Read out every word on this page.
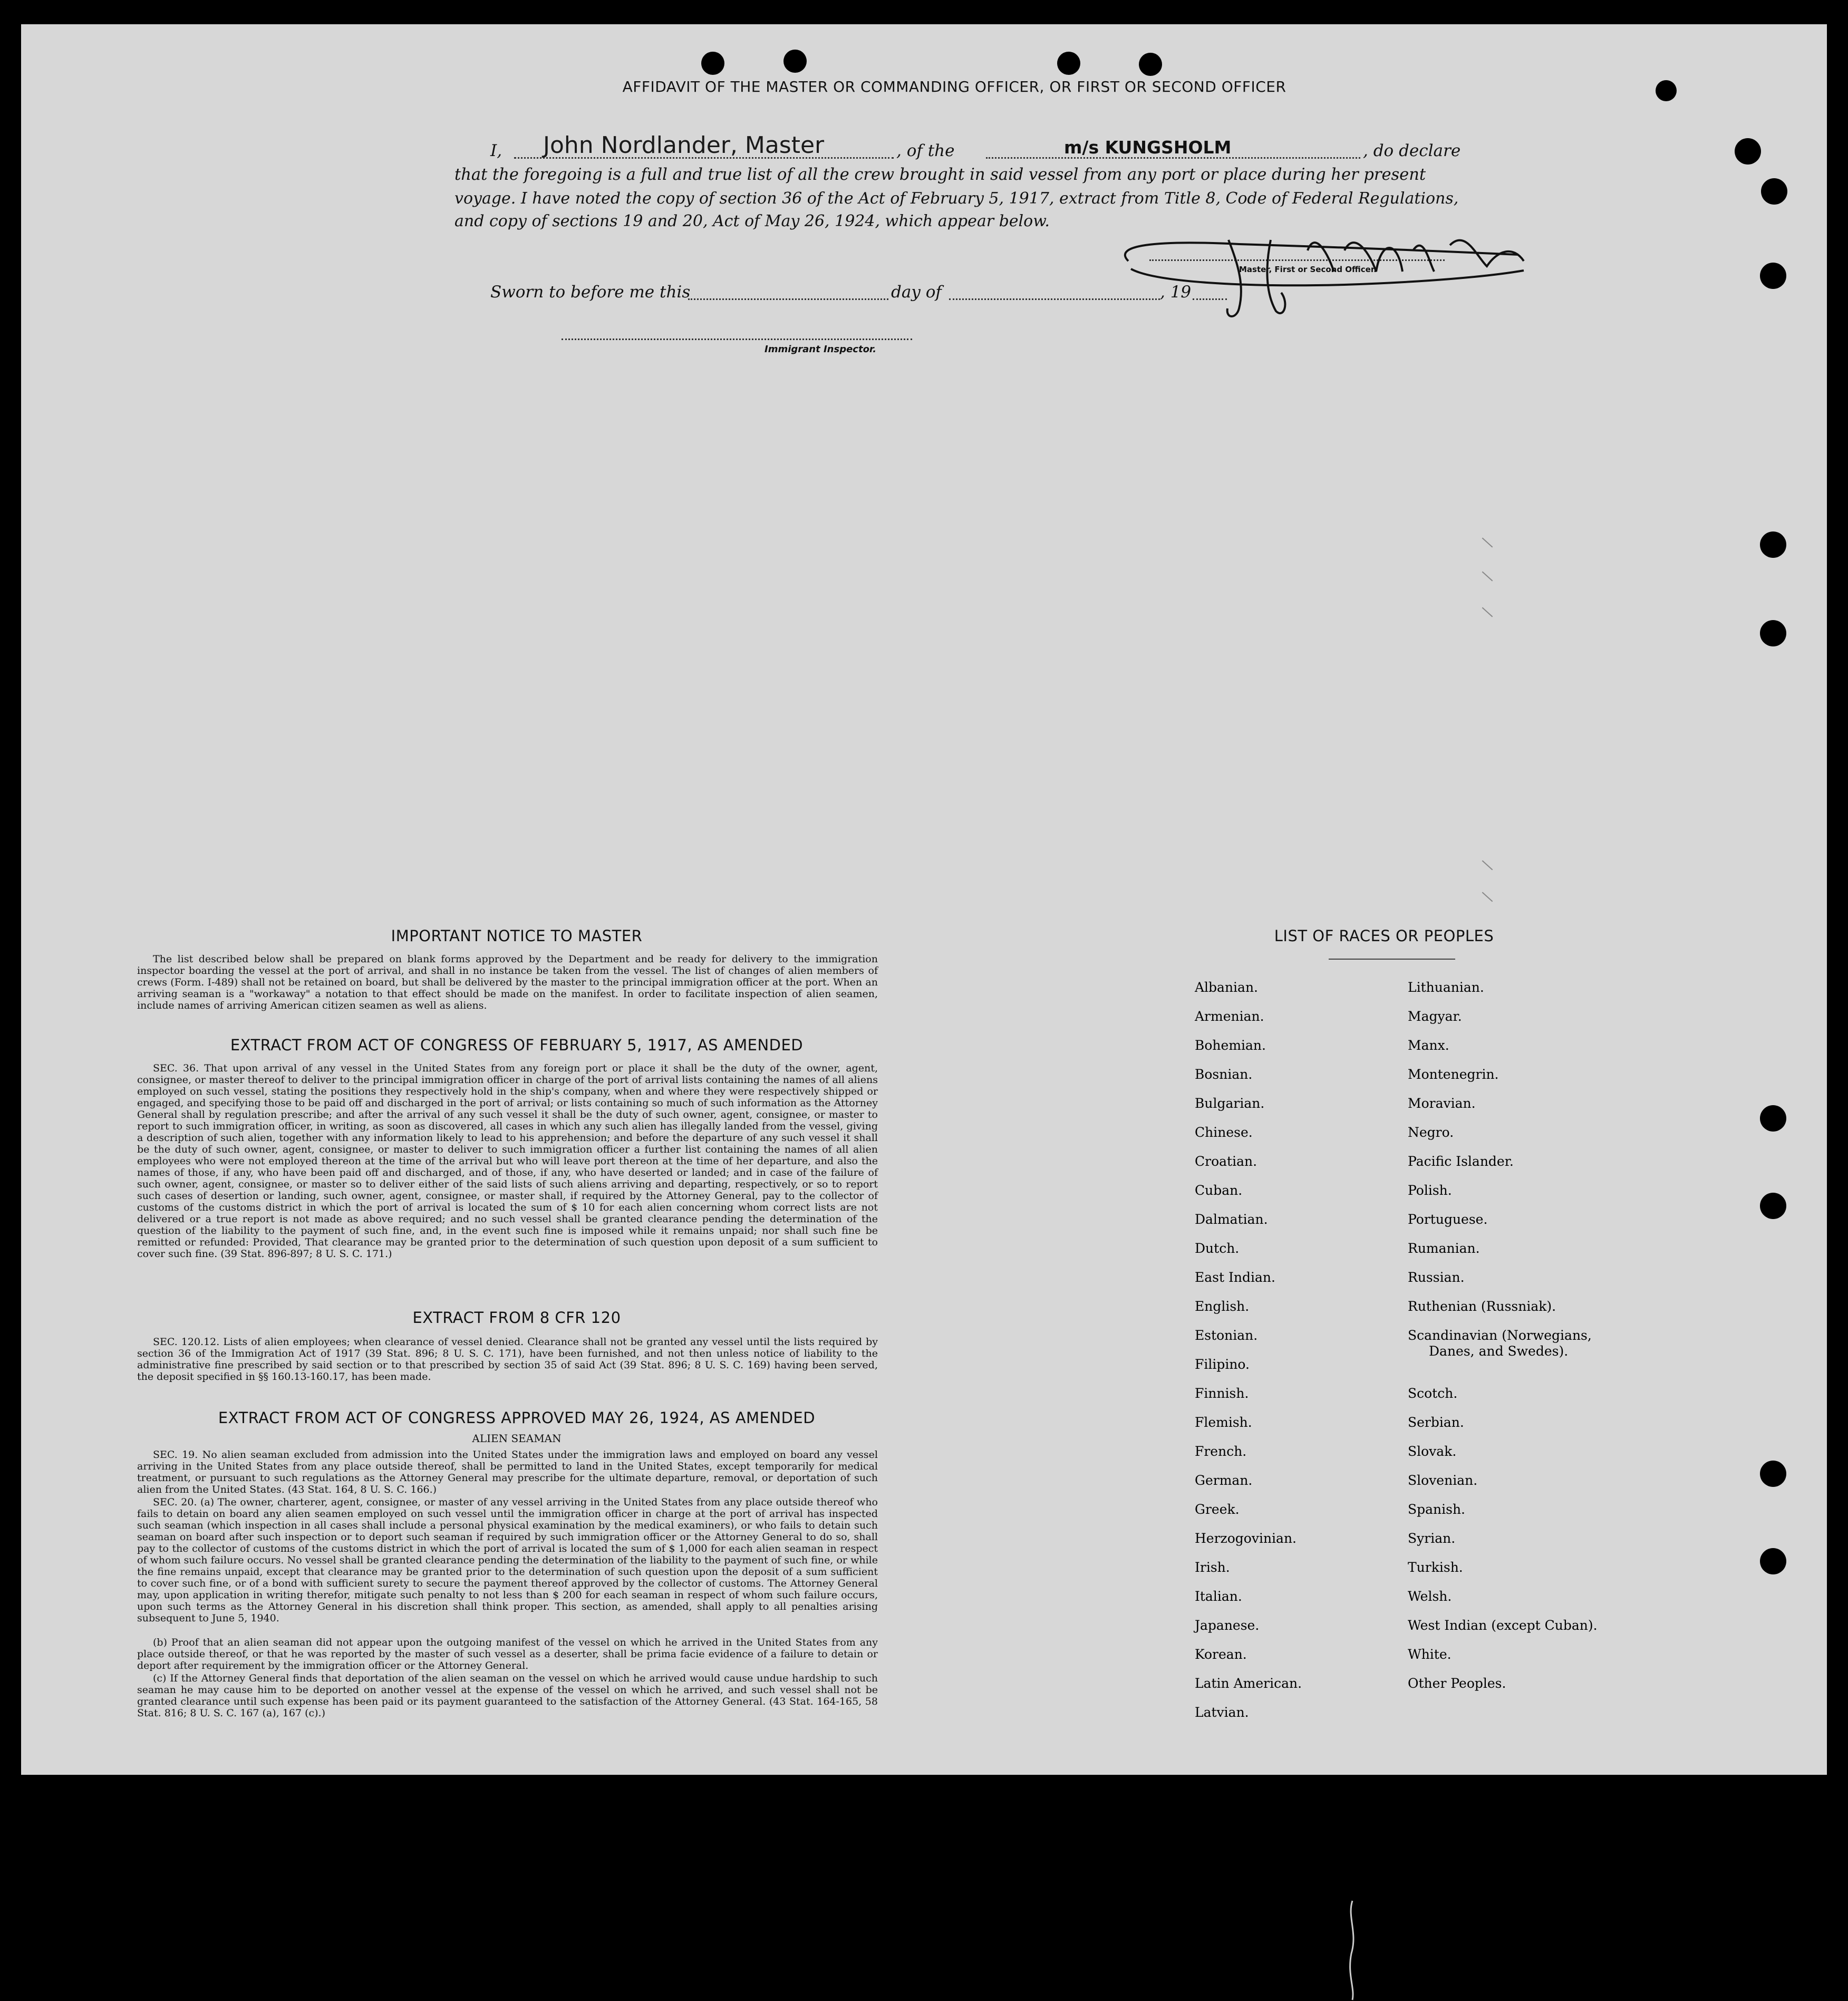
AFFIDAVIT OF THE MASTER OR COMMANDING OFFICER, OR FIRST OR SECOND OFFICER
I, John Nordlander, Master	, of the	m/s KUNGSHOLM	, do declare
that the foregoing is a full and true list of all the crew brought in said vessel from any port or place during her present
voyage. I have noted the copy of section 36 of the Act of February 5, 1917, extract from Title 8, Code of Federal Regulations,
and copy of sections 19 and 20, Act of May 26, 1924, which appear below.
Master, First or Second Officer.
Sworn to before me this	day of	, 19
Immigrant Inspector.
IMPORTANT NOTICE TO MASTER
The list described below shall be prepared on blank forms approved by the Department and be ready for delivery to the immigration inspector boarding the vessel at the port of arrival, and shall in no instance be taken from the vessel. The list of changes of alien members of crews (Form. I-489) shall not be retained on board, but shall be delivered by the master to the principal immigration officer at the port. When an arriving seaman is a "workaway" a notation to that effect should be made on the manifest. In order to facilitate inspection of alien seamen, include names of arriving American citizen seamen as well as aliens.
EXTRACT FROM ACT OF CONGRESS OF FEBRUARY 5, 1917, AS AMENDED
SEC. 36. That upon arrival of any vessel in the United States from any foreign port or place it shall be the duty of the owner, agent, consignee, or master thereof to deliver to the principal immigration officer in charge of the port of arrival lists containing the names of all aliens employed on such vessel, stating the positions they respectively hold in the ship's company, when and where they were respectively shipped or engaged, and specifying those to be paid off and discharged in the port of arrival; or lists containing so much of such information as the Attorney General shall by regulation prescribe; and after the arrival of any such vessel it shall be the duty of such owner, agent, consignee, or master to report to such immigration officer, in writing, as soon as discovered, all cases in which any such alien has illegally landed from the vessel, giving a description of such alien, together with any information likely to lead to his apprehension; and before the departure of any such vessel it shall be the duty of such owner, agent, consignee, or master to deliver to such immigration officer a further list containing the names of all alien employees who were not employed thereon at the time of the arrival but who will leave port thereon at the time of her departure, and also the names of those, if any, who have been paid off and discharged, and of those, if any, who have deserted or landed; and in case of the failure of such owner, agent, consignee, or master so to deliver either of the said lists of such aliens arriving and departing, respectively, or so to report such cases of desertion or landing, such owner, agent, consignee, or master shall, if required by the Attorney General, pay to the collector of customs of the customs district in which the port of arrival is located the sum of $ 10 for each alien concerning whom correct lists are not delivered or a true report is not made as above required; and no such vessel shall be granted clearance pending the determination of the question of the liability to the payment of such fine, and, in the event such fine is imposed while it remains unpaid; nor shall such fine be remitted or refunded: Provided, That clearance may be granted prior to the determination of such question upon deposit of a sum sufficient to cover such fine. (39 Stat. 896-897; 8 U. S. C. 171.)
EXTRACT FROM 8 CFR 120
SEC. 120.12. Lists of alien employees; when clearance of vessel denied. Clearance shall not be granted any vessel until the lists required by section 36 of the Immigration Act of 1917 (39 Stat. 896; 8 U. S. C. 171), have been furnished, and not then unless notice of liability to the administrative fine prescribed by said section or to that prescribed by section 35 of said Act (39 Stat. 896; 8 U. S. C. 169) having been served, the deposit specified in §§ 160.13-160.17, has been made.
EXTRACT FROM ACT OF CONGRESS APPROVED MAY 26, 1924, AS AMENDED
ALIEN SEAMAN
SEC. 19. No alien seaman excluded from admission into the United States under the immigration laws and employed on board any vessel arriving in the United States from any place outside thereof, shall be permitted to land in the United States, except temporarily for medical treatment, or pursuant to such regulations as the Attorney General may prescribe for the ultimate departure, removal, or deportation of such alien from the United States. (43 Stat. 164, 8 U. S. C. 166.)
SEC. 20. (a) The owner, charterer, agent, consignee, or master of any vessel arriving in the United States from any place outside thereof who fails to detain on board any alien seamen employed on such vessel until the immigration officer in charge at the port of arrival has inspected such seaman (which inspection in all cases shall include a personal physical examination by the medical examiners), or who fails to detain such seaman on board after such inspection or to deport such seaman if required by such immigration officer or the Attorney General to do so, shall pay to the collector of customs of the customs district in which the port of arrival is located the sum of $ 1,000 for each alien seaman in respect of whom such failure occurs. No vessel shall be granted clearance pending the determination of the liability to the payment of such fine, or while the fine remains unpaid, except that clearance may be granted prior to the determination of such question upon the deposit of a sum sufficient to cover such fine, or of a bond with sufficient surety to secure the payment thereof approved by the collector of customs. The Attorney General may, upon application in writing therefor, mitigate such penalty to not less than $ 200 for each seaman in respect of whom such failure occurs, upon such terms as the Attorney General in his discretion shall think proper. This section, as amended, shall apply to all penalties arising subsequent to June 5, 1940.
(b) Proof that an alien seaman did not appear upon the outgoing manifest of the vessel on which he arrived in the United States from any place outside thereof, or that he was reported by the master of such vessel as a deserter, shall be prima facie evidence of a failure to detain or deport after requirement by the immigration officer or the Attorney General.
(c) If the Attorney General finds that deportation of the alien seaman on the vessel on which he arrived would cause undue hardship to such seaman he may cause him to be deported on another vessel at the expense of the vessel on which he arrived, and such vessel shall not be granted clearance until such expense has been paid or its payment guaranteed to the satisfaction of the Attorney General. (43 Stat. 164-165, 58 Stat. 816; 8 U. S. C. 167 (a), 167 (c).)
LIST OF RACES OR PEOPLES
Albanian.
Armenian.
Bohemian.
Bosnian.
Bulgarian.
Chinese.
Croatian.
Cuban.
Dalmatian.
Dutch.
East Indian.
English.
Estonian.
Filipino.
Finnish.
Flemish.
French.
German.
Greek.
Herzogovinian.
Irish.
Italian.
Japanese.
Korean.
Latin American.
Latvian.
Lithuanian.
Magyar.
Manx.
Montenegrin.
Moravian.
Negro.
Pacific Islander.
Polish.
Portuguese.
Rumanian.
Russian.
Ruthenian (Russniak).
Scandinavian (Norwegians,
Danes, and Swedes).
Scotch.
Serbian.
Slovak.
Slovenian.
Spanish.
Syrian.
Turkish.
Welsh.
West Indian (except Cuban).
White.
Other Peoples.
